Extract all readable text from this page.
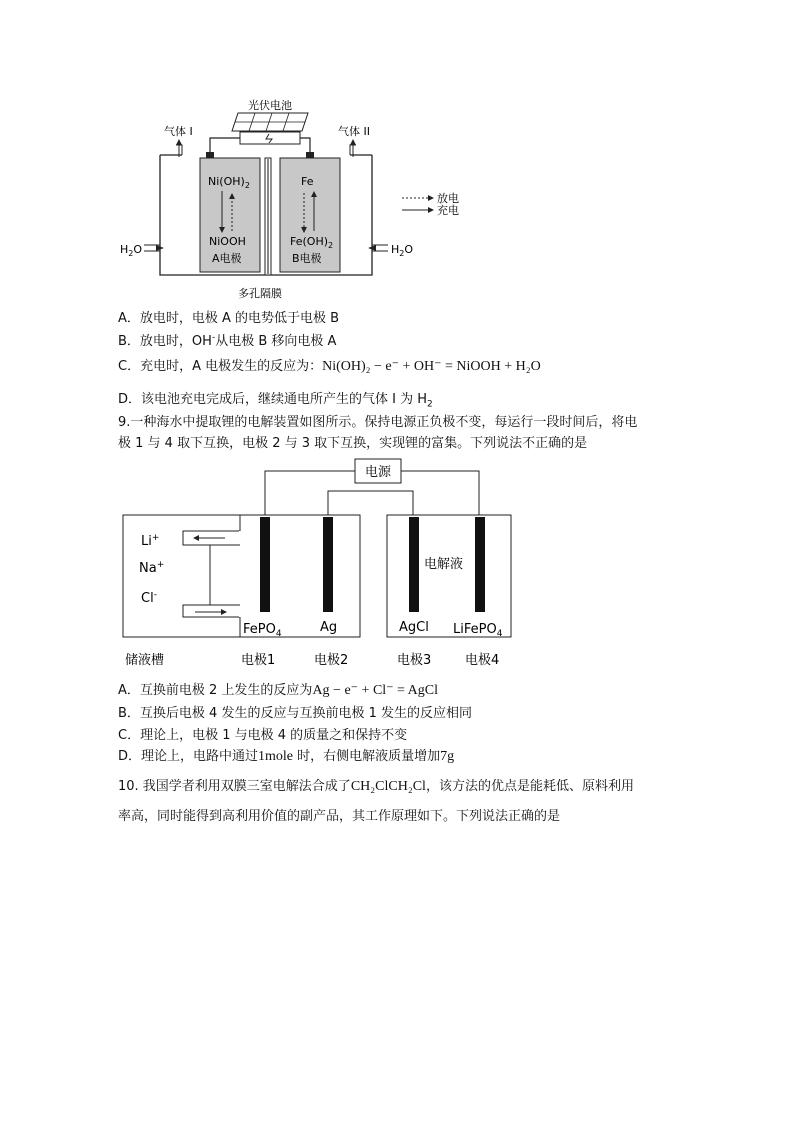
光伏电池
气体 I	气体 II
$Ni(OH)_2$
NiOOH
A电极
Fe
$Fe(OH)_2$
B电极
$H_2O$	$H_2O$
放电
充电
多孔隔膜
A．放电时，电极 A 的电势低于电极 B
B．放电时，OH-从电极 B 移向电极 A
C．充电时，A 电极发生的反应为：Ni(OH)₂ − e⁻ + OH⁻ = NiOOH + H₂O
D．该电池充电完成后，继续通电所产生的气体 I 为 $H_2$
9.一种海水中提取锂的电解装置如图所示。保持电源正负极不变，每运行一段时间后，将电
极 1 与 4 取下互换，电极 2 与 3 取下互换，实现锂的富集。下列说法不正确的是
电源
Li+
Na+
Cl-
FePO$_4$	Ag
电解液
AgCl LiFePO$_4$
储液槽	电极1	电极2	电极3	电极4
A．互换前电极 2 上发生的反应为Ag − e⁻ + Cl⁻ = AgCl
B．互换后电极 4 发生的反应与互换前电极 1 发生的反应相同
C．理论上，电极 1 与电极 4 的质量之和保持不变
D．理论上，电路中通过1mole 时，右侧电解液质量增加7g
10. 我国学者利用双膜三室电解法合成了CH₂ClCH₂Cl，该方法的优点是能耗低、原料利用
率高，同时能得到高利用价值的副产品，其工作原理如下。下列说法正确的是
